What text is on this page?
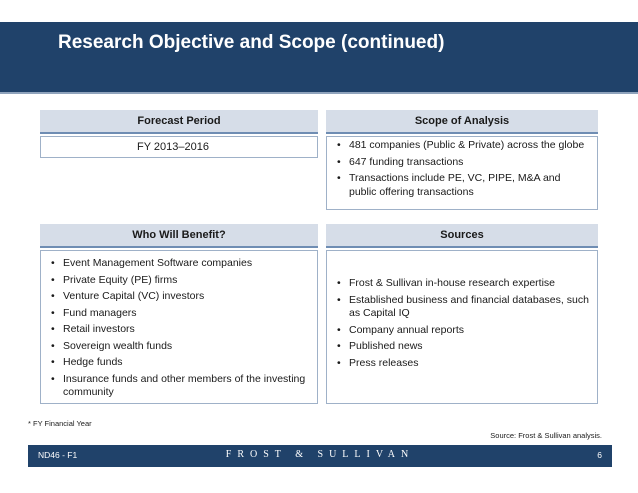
Research Objective and Scope (continued)
Forecast Period
FY 2013–2016
Scope of Analysis
• 481 companies (Public & Private) across the globe
• 647 funding transactions
• Transactions include PE, VC, PIPE, M&A and public offering transactions
Who Will Benefit?
• Event Management Software companies
• Private Equity (PE) firms
• Venture Capital (VC) investors
• Fund managers
• Retail investors
• Sovereign wealth funds
• Hedge funds
• Insurance funds and other members of the investing community
Sources
• Frost & Sullivan in-house research expertise
• Established business and financial databases, such as Capital IQ
• Company annual reports
• Published news
• Press releases
* FY Financial Year
Source: Frost & Sullivan analysis.
ND46 - F1	FROST & SULLIVAN	6
